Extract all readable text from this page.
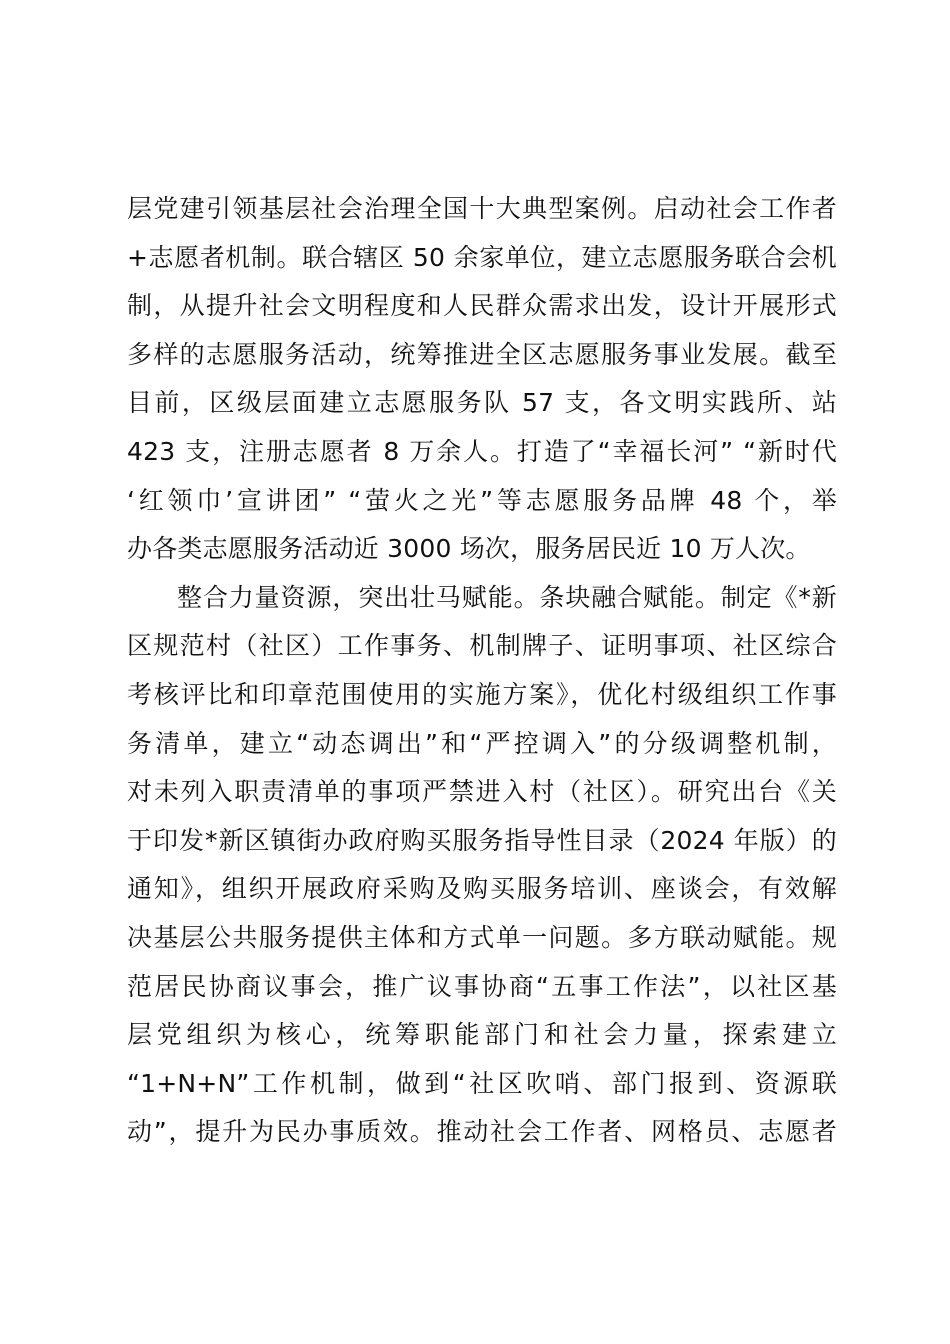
层党建引领基层社会治理全国十大典型案例。启动社会工作者
+志愿者机制。联合辖区 50 余家单位，建立志愿服务联合会机
制，从提升社会文明程度和人民群众需求出发，设计开展形式
多样的志愿服务活动，统筹推进全区志愿服务事业发展。截至
目前，区级层面建立志愿服务队 57 支，各文明实践所、站
423 支，注册志愿者 8 万余人。打造了“幸福长河” “新时代
‘红领巾’宣讲团” “萤火之光”等志愿服务品牌 48 个，举
办各类志愿服务活动近 3000 场次，服务居民近 10 万人次。
整合力量资源，突出壮马赋能。条块融合赋能。制定《*新
区规范村（社区）工作事务、机制牌子、证明事项、社区综合
考核评比和印章范围使用的实施方案》，优化村级组织工作事
务清单，建立“动态调出”和“严控调入”的分级调整机制，
对未列入职责清单的事项严禁进入村（社区）。研究出台《关
于印发*新区镇街办政府购买服务指导性目录（2024 年版）的
通知》，组织开展政府采购及购买服务培训、座谈会，有效解
决基层公共服务提供主体和方式单一问题。多方联动赋能。规
范居民协商议事会，推广议事协商“五事工作法”，以社区基
层党组织为核心，统筹职能部门和社会力量，探索建立
“1+N+N”工作机制，做到“社区吹哨、部门报到、资源联
动”，提升为民办事质效。推动社会工作者、网格员、志愿者
